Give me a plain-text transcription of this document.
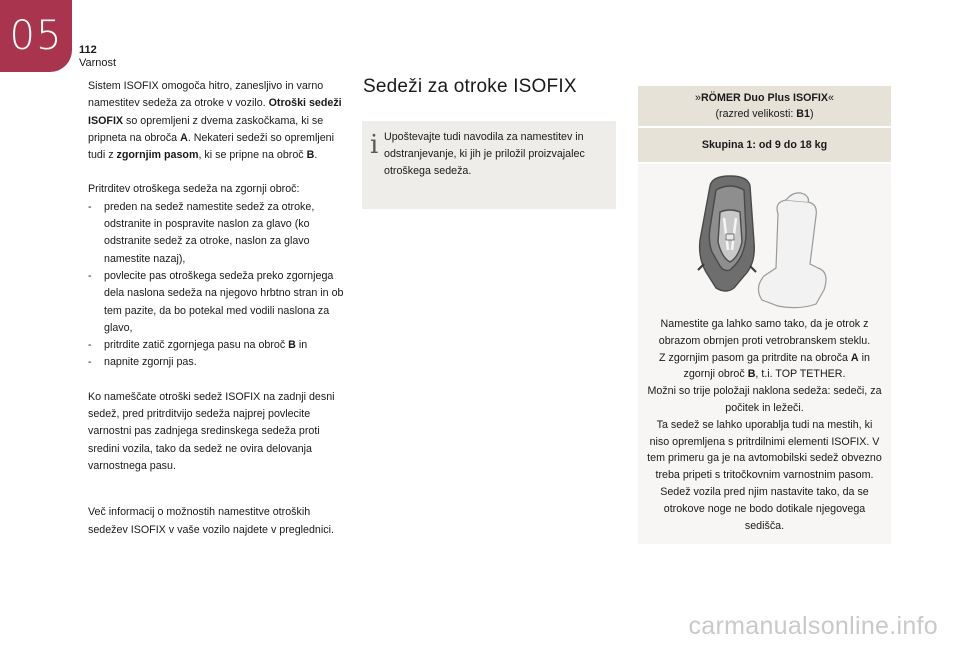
05 112
Varnost

Sistem ISOFIX omogoča hitro, zanesljivo in varno namestitev sedeža za otroke v vozilo. Otroški sedeži ISOFIX so opremljeni z dvema zaskočkama, ki se pripneta na obroča A. Nekateri sedeži so opremljeni tudi z zgornjim pasom, ki se pripne na obroč B.

Pritrditev otroškega sedeža na zgornji obroč:
- preden na sedež namestite sedež za otroke, odstranite in pospravite naslon za glavo (ko odstranite sedež za otroke, naslon za glavo namestite nazaj),
- povlecite pas otroškega sedeža preko zgornjega dela naslona sedeža na njegovo hrbtno stran in ob tem pazite, da bo potekal med vodili naslona za glavo,
- pritrdite zatič zgornjega pasu na obroč B in
- napnite zgornji pas.

Ko nameščate otroški sedež ISOFIX na zadnji desni sedež, pred pritrditvijo sedeža najprej povlecite varnostni pas zadnjega sredinskega sedeža proti sredini vozila, tako da sedež ne ovira delovanja varnostnega pasu.

Več informacij o možnostih namestitve otroških sedežev ISOFIX v vaše vozilo najdete v preglednici.

Sedeži za otroke ISOFIX
i Upoštevajte tudi navodila za namestitev in odstranjevanje, ki jih je priložil proizvajalec otroškega sedeža.
»RÖMER Duo Plus ISOFIX«
(razred velikosti: B1)
Skupina 1: od 9 do 18 kg
Namestite ga lahko samo tako, da je otrok z obrazom obrnjen proti vetrobranskem steklu.
Z zgornjim pasom ga pritrdite na obroča A in zgornji obroč B, t.i. TOP TETHER.
Možni so trije položaji naklona sedeža: sedeči, za počitek in ležeči.
Ta sedež se lahko uporablja tudi na mestih, ki niso opremljena s pritrdilnimi elementi ISOFIX. V tem primeru ga je na avtomobilski sedež obvezno treba pripeti s tritočkovnim varnostnim pasom. Sedež vozila pred njim nastavite tako, da se otrokove noge ne bodo dotikale njegovega sedišča.
carmanualsonline.info
